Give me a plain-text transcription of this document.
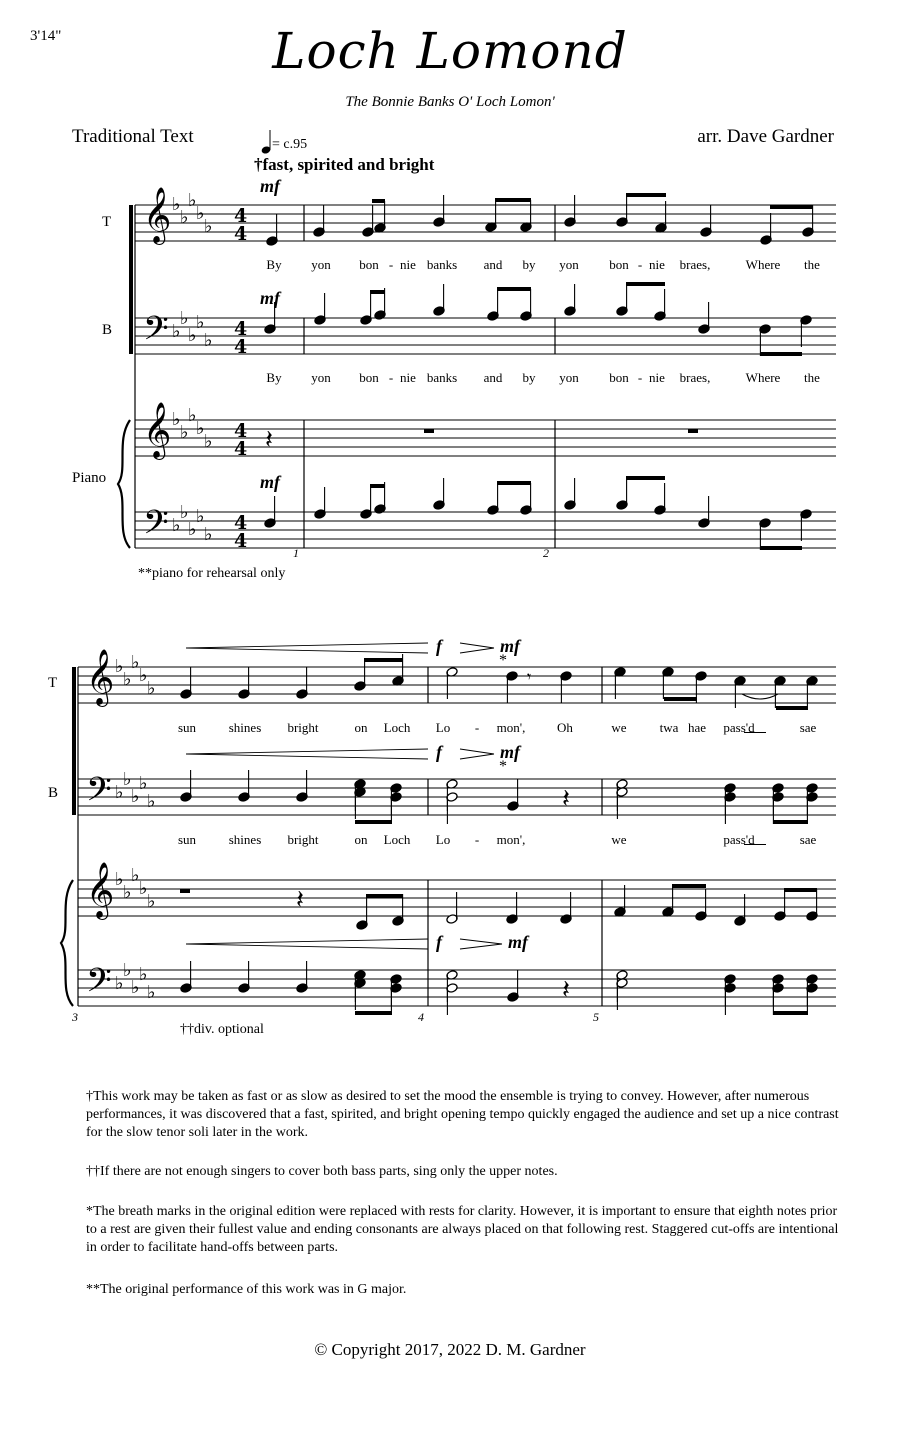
3'14"	Loch Lomond
The Bonnie Banks O' Loch Lomon'
Traditional Text	arr. Dave Gardner
= c.95
†fast, spirited and bright
T
B
Piano
T
B
mf
mf
mf
f	mf
*
f	mf
*
f	mf
By	yon	bon - nie banks	and	by	yon	bon - nie	braes,	Where	the
By	yon	bon - nie banks	and	by	yon	bon - nie	braes,	Where	the
1	2
**piano for rehearsal only
sun	shines	bright	on	Loch	Lo	-	mon',	Oh	we	twa hae	pass'd	sae
sun	shines	bright	on	Loch	Lo	-	mon',	we	pass'd	sae
3	4	5
††div. optional
†This work may be taken as fast or as slow as desired to set the mood the ensemble is trying to convey. However, after numerous performances, it was discovered that a fast, spirited, and bright opening tempo quickly engaged the audience and set up a nice contrast for the slow tenor soli later in the work.
††If there are not enough singers to cover both bass parts, sing only the upper notes.
*The breath marks in the original edition were replaced with rests for clarity. However, it is important to ensure that eighth notes prior to a rest are given their fullest value and ending consonants are always placed on that following rest. Staggered cut-offs are intentional in order to facilitate hand-offs between parts.
**The original performance of this work was in G major.
© Copyright 2017, 2022 D. M. Gardner
𝄞 ♭
♭
♭
♭
♭ 4
4
𝄞 ♭
♭
♭
♭
♭ 4
4
𝄢 ♭
♭
♭
♭
♭
4
4
𝄢 ♭
♭
♭
♭
♭
4
4
𝄽
𝄞 ♭
♭
♭
♭
♭
𝄞 ♭
♭
♭
♭
♭
𝄢 ♭
♭
♭
♭
♭
𝄢 ♭
♭
♭
♭
♭
𝄾
𝄽
𝄽
𝄽
